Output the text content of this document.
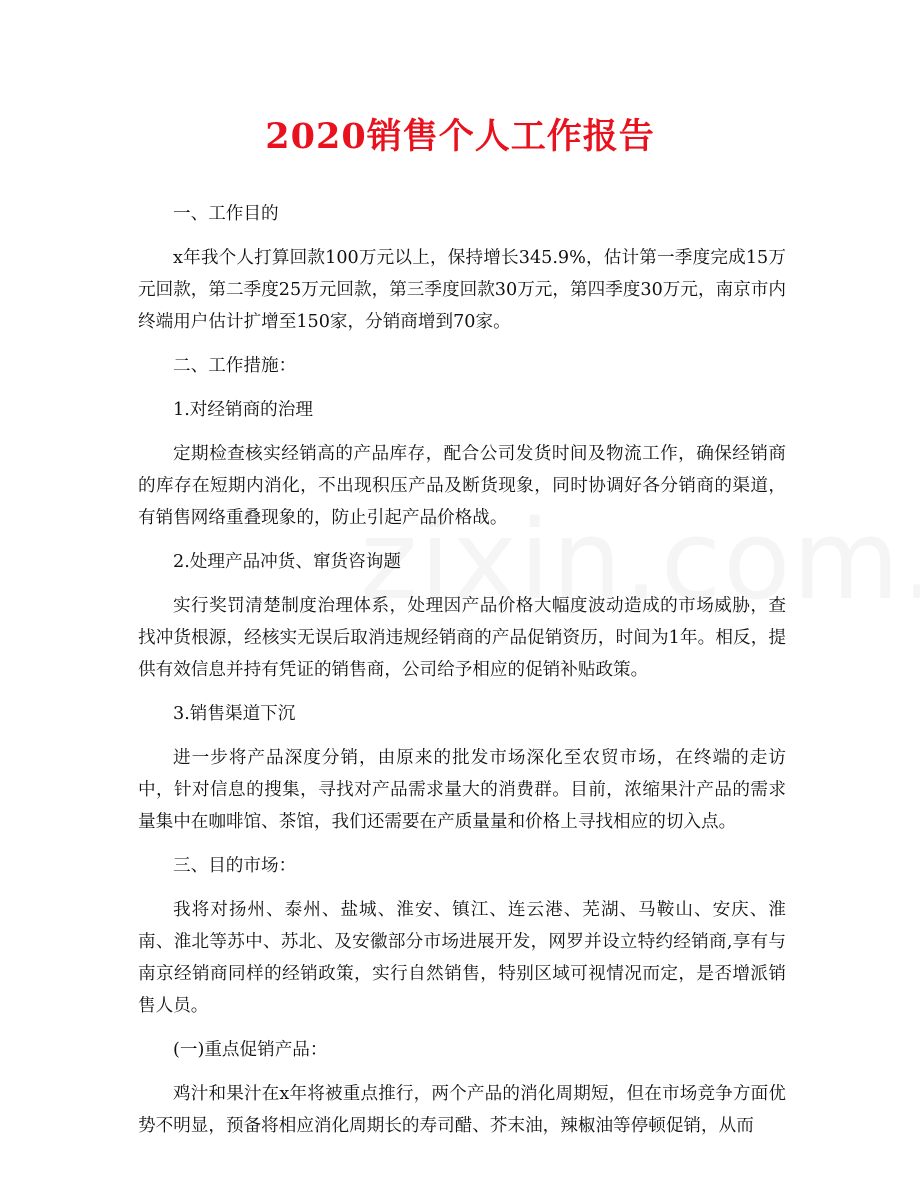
2020销售个人工作报告

一、工作目的

x年我个人打算回款100万元以上，保持增长345.9%，估计第一季度完成15万元回款，第二季度25万元回款，第三季度回款30万元，第四季度30万元，南京市内终端用户估计扩增至150家，分销商增到70家。

二、工作措施：

1.对经销商的治理

定期检查核实经销高的产品库存，配合公司发货时间及物流工作，确保经销商的库存在短期内消化，不出现积压产品及断货现象，同时协调好各分销商的渠道，有销售网络重叠现象的，防止引起产品价格战。

2.处理产品冲货、窜货咨询题

实行奖罚清楚制度治理体系，处理因产品价格大幅度波动造成的市场威胁，查找冲货根源，经核实无误后取消违规经销商的产品促销资历，时间为1年。相反，提供有效信息并持有凭证的销售商，公司给予相应的促销补贴政策。

3.销售渠道下沉

进一步将产品深度分销，由原来的批发市场深化至农贸市场，在终端的走访中，针对信息的搜集，寻找对产品需求量大的消费群。目前，浓缩果汁产品的需求量集中在咖啡馆、茶馆，我们还需要在产质量量和价格上寻找相应的切入点。

三、目的市场：

我将对扬州、泰州、盐城、淮安、镇江、连云港、芜湖、马鞍山、安庆、淮南、淮北等苏中、苏北、及安徽部分市场进展开发，网罗并设立特约经销商,享有与南京经销商同样的经销政策，实行自然销售，特别区域可视情况而定，是否增派销售人员。

(一)重点促销产品：

鸡汁和果汁在x年将被重点推行，两个产品的消化周期短，但在市场竞争方面优势不明显，预备将相应消化周期长的寿司醋、芥末油，辣椒油等停顿促销，从而
